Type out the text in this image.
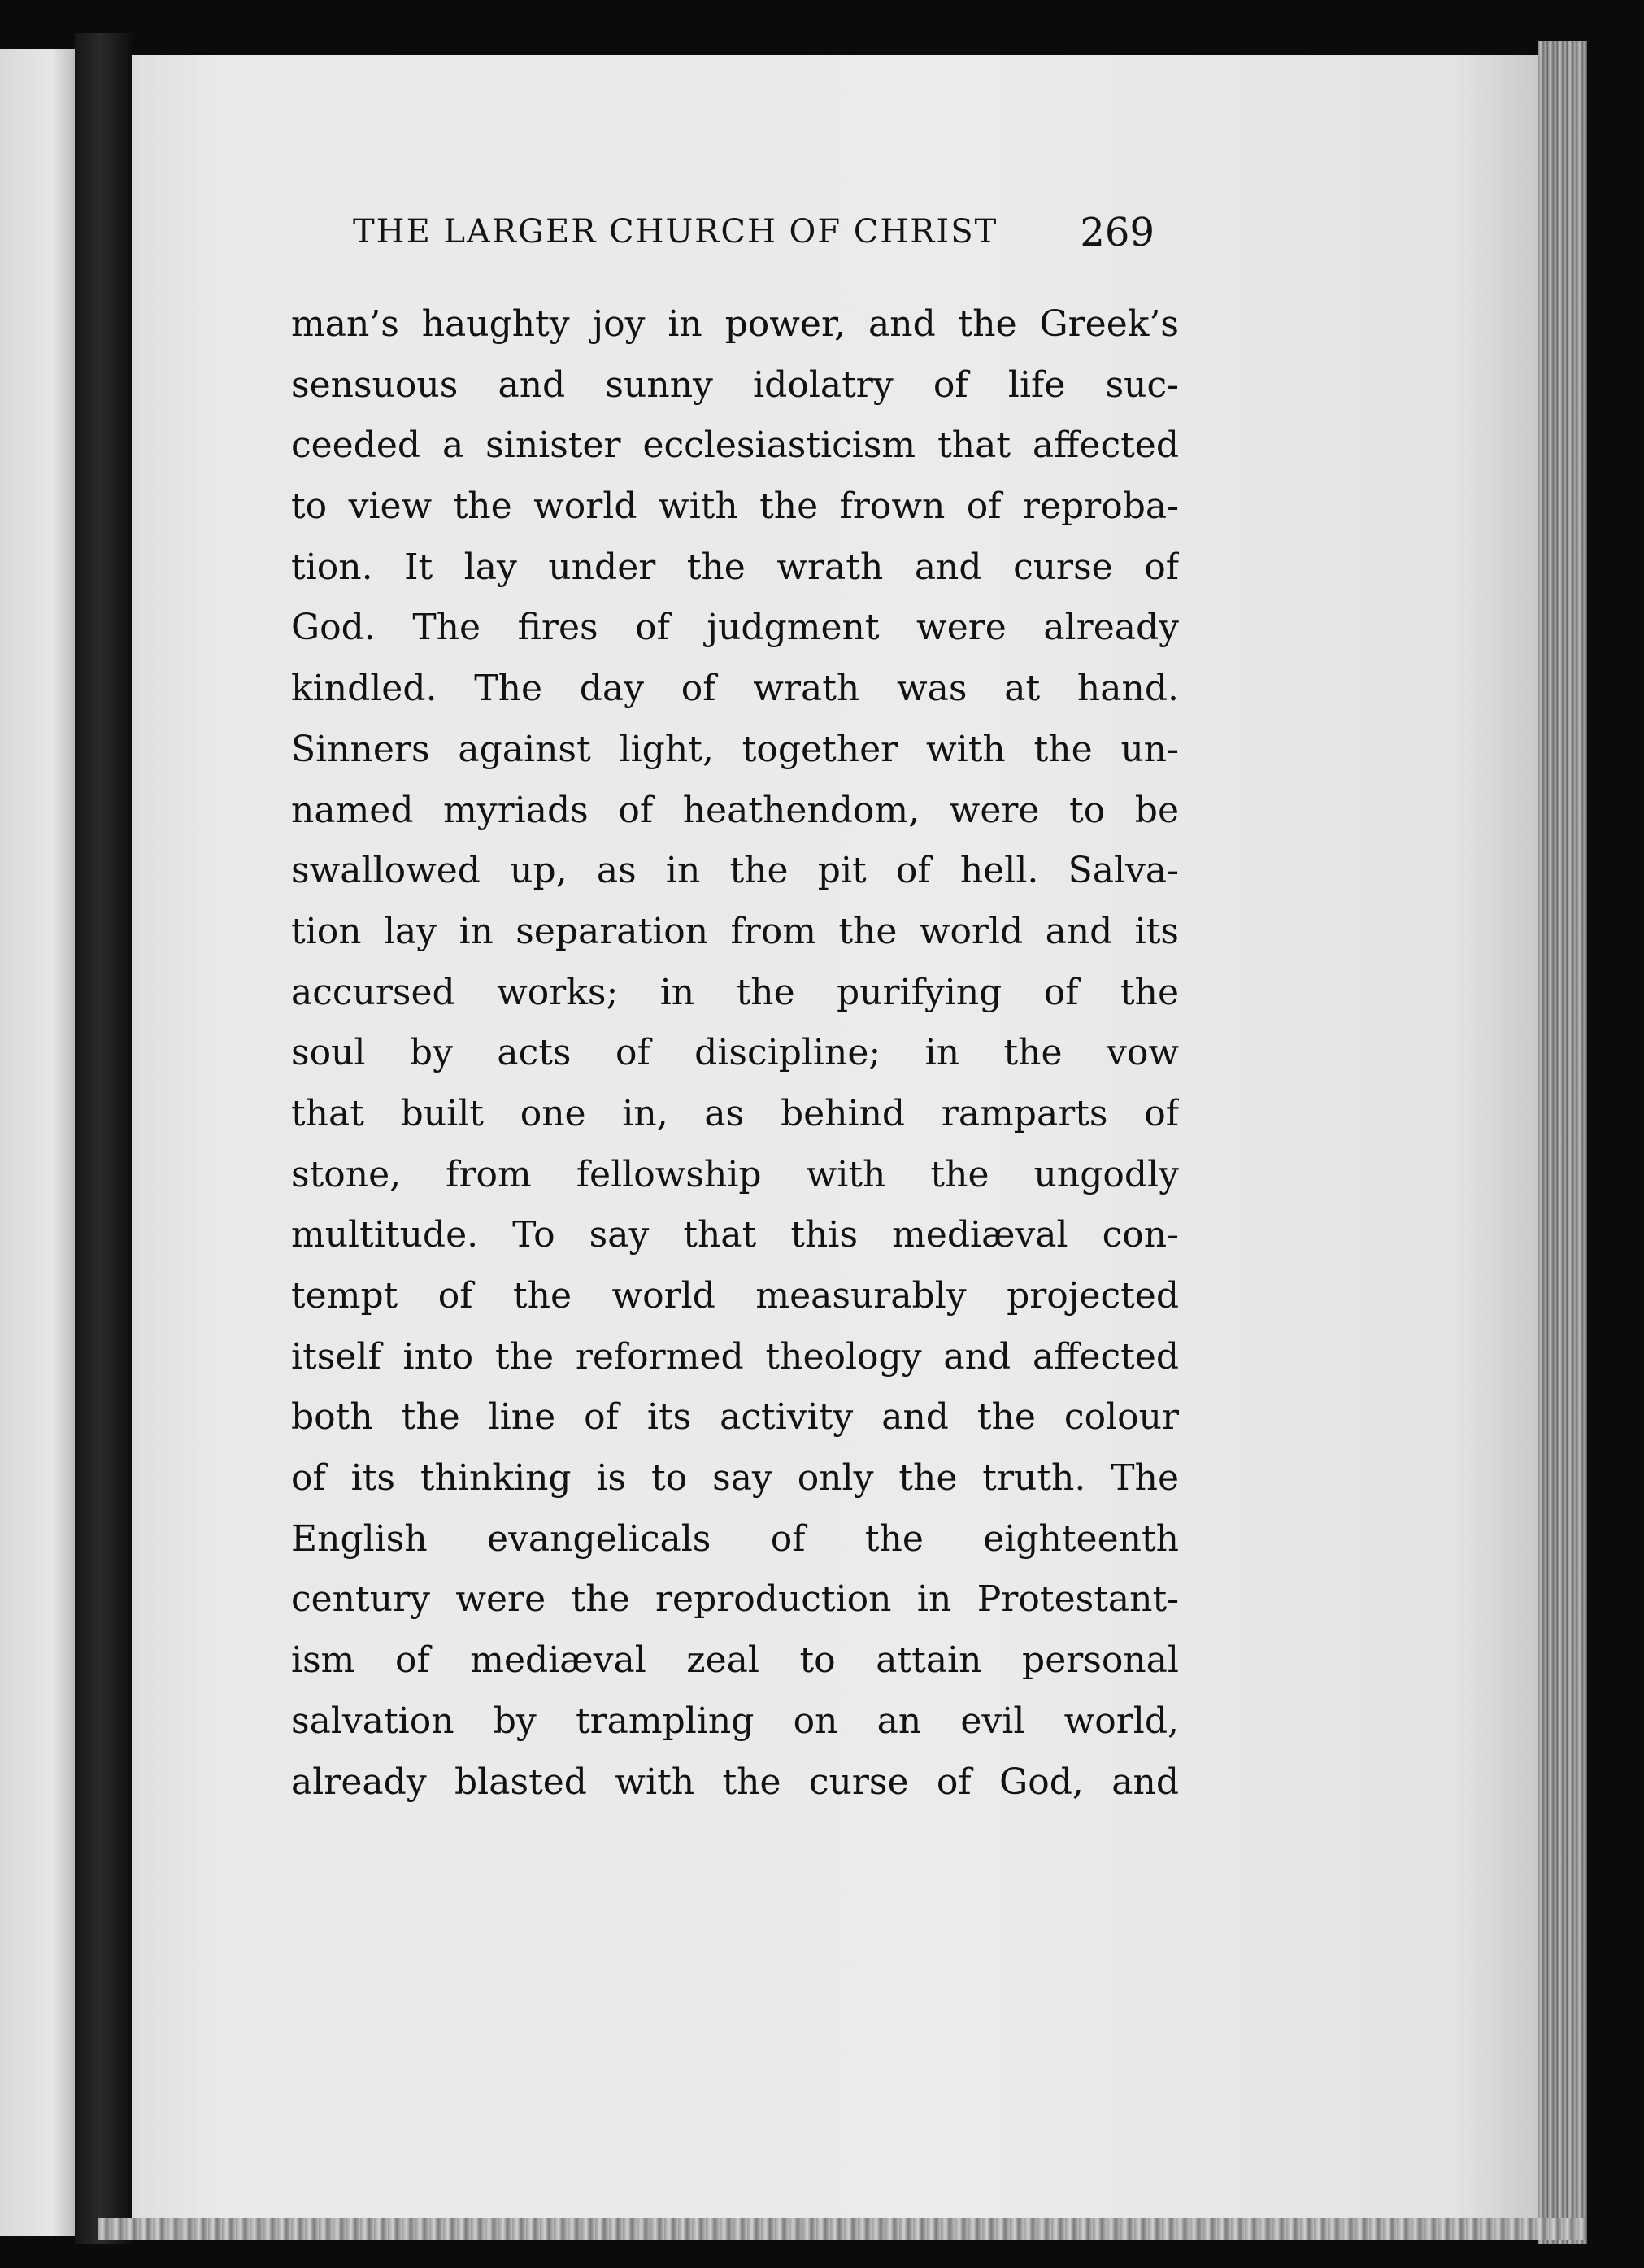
THE LARGER CHURCH OF CHRIST 269
man’s haughty joy in power, and the Greek’s
sensuous and sunny idolatry of life suc-
ceeded a sinister ecclesiasticism that affected
to view the world with the frown of reproba-
tion. It lay under the wrath and curse of
God. The fires of judgment were already
kindled. The day of wrath was at hand.
Sinners against light, together with the un-
named myriads of heathendom, were to be
swallowed up, as in the pit of hell. Salva-
tion lay in separation from the world and its
accursed works; in the purifying of the
soul by acts of discipline; in the vow
that built one in, as behind ramparts of
stone, from fellowship with the ungodly
multitude. To say that this mediæval con-
tempt of the world measurably projected
itself into the reformed theology and affected
both the line of its activity and the colour
of its thinking is to say only the truth. The
English evangelicals of the eighteenth
century were the reproduction in Protestant-
ism of mediæval zeal to attain personal
salvation by trampling on an evil world,
already blasted with the curse of God, and
